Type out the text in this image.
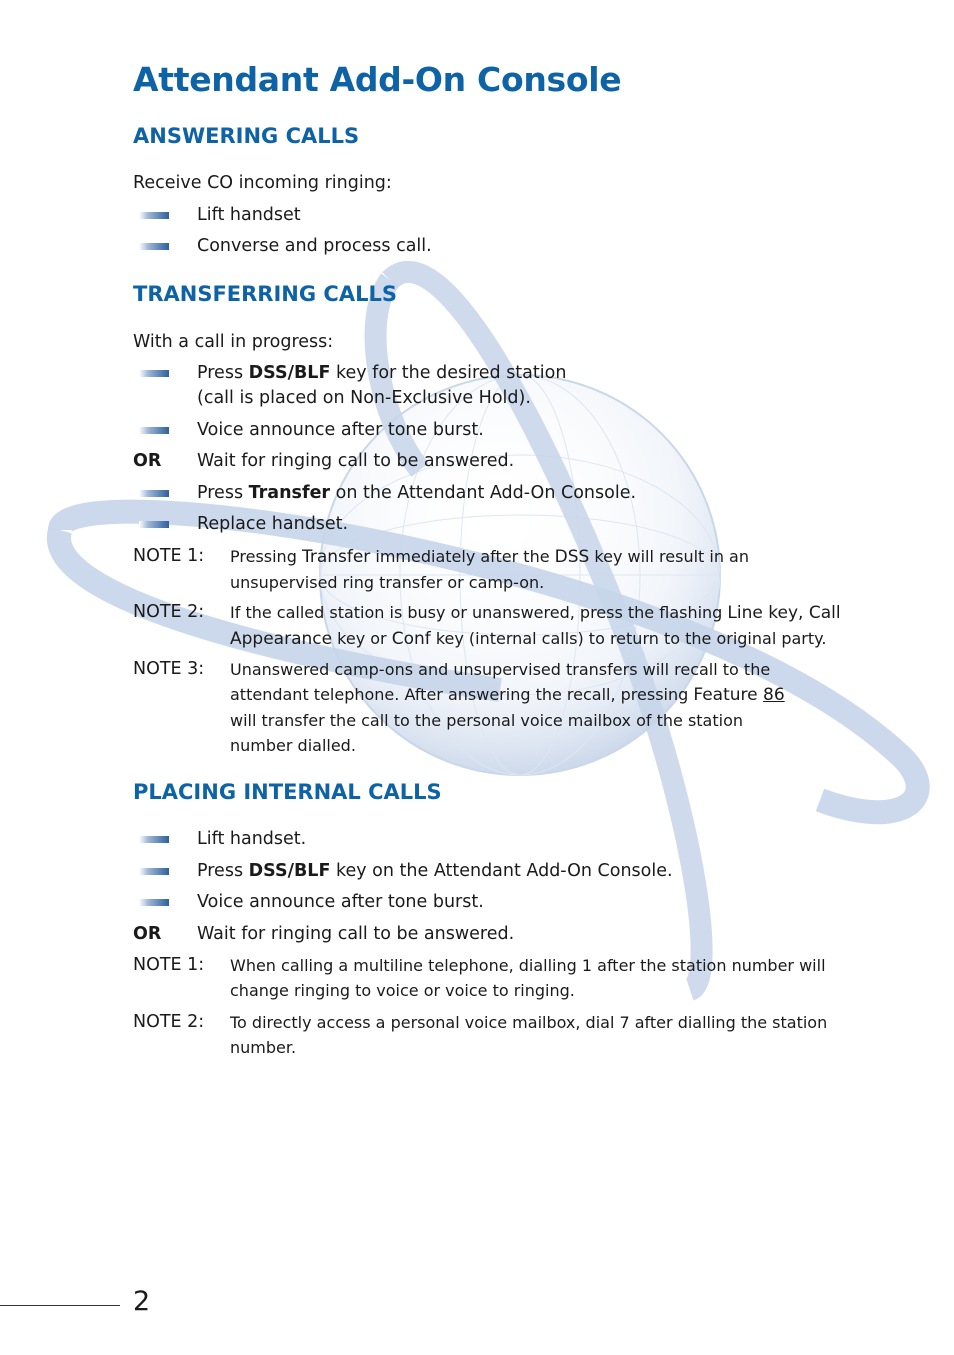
Attendant Add-On Console
ANSWERING CALLS

Receive CO incoming ringing:

Lift handset
Converse and process call.
TRANSFERRING CALLS

With a call in progress:

Press DSS/BLF key for the desired station
(call is placed on Non-Exclusive Hold).
Voice announce after tone burst.
OR Wait for ringing call to be answered.
Press Transfer on the Attendant Add-On Console.
Replace handset.
NOTE 1: Pressing Transfer immediately after the DSS key will result in an
unsupervised ring transfer or camp-on.
NOTE 2: If the called station is busy or unanswered, press the flashing Line key, Call
Appearance key or Conf key (internal calls) to return to the original party.
NOTE 3: Unanswered camp-ons and unsupervised transfers will recall to the
attendant telephone. After answering the recall, pressing Feature 86
will transfer the call to the personal voice mailbox of the station
number dialled.
PLACING INTERNAL CALLS
Lift handset.
Press DSS/BLF key on the Attendant Add-On Console.
Voice announce after tone burst.
OR Wait for ringing call to be answered.
NOTE 1: When calling a multiline telephone, dialling 1 after the station number will
change ringing to voice or voice to ringing.
NOTE 2: To directly access a personal voice mailbox, dial 7 after dialling the station
number.
2
